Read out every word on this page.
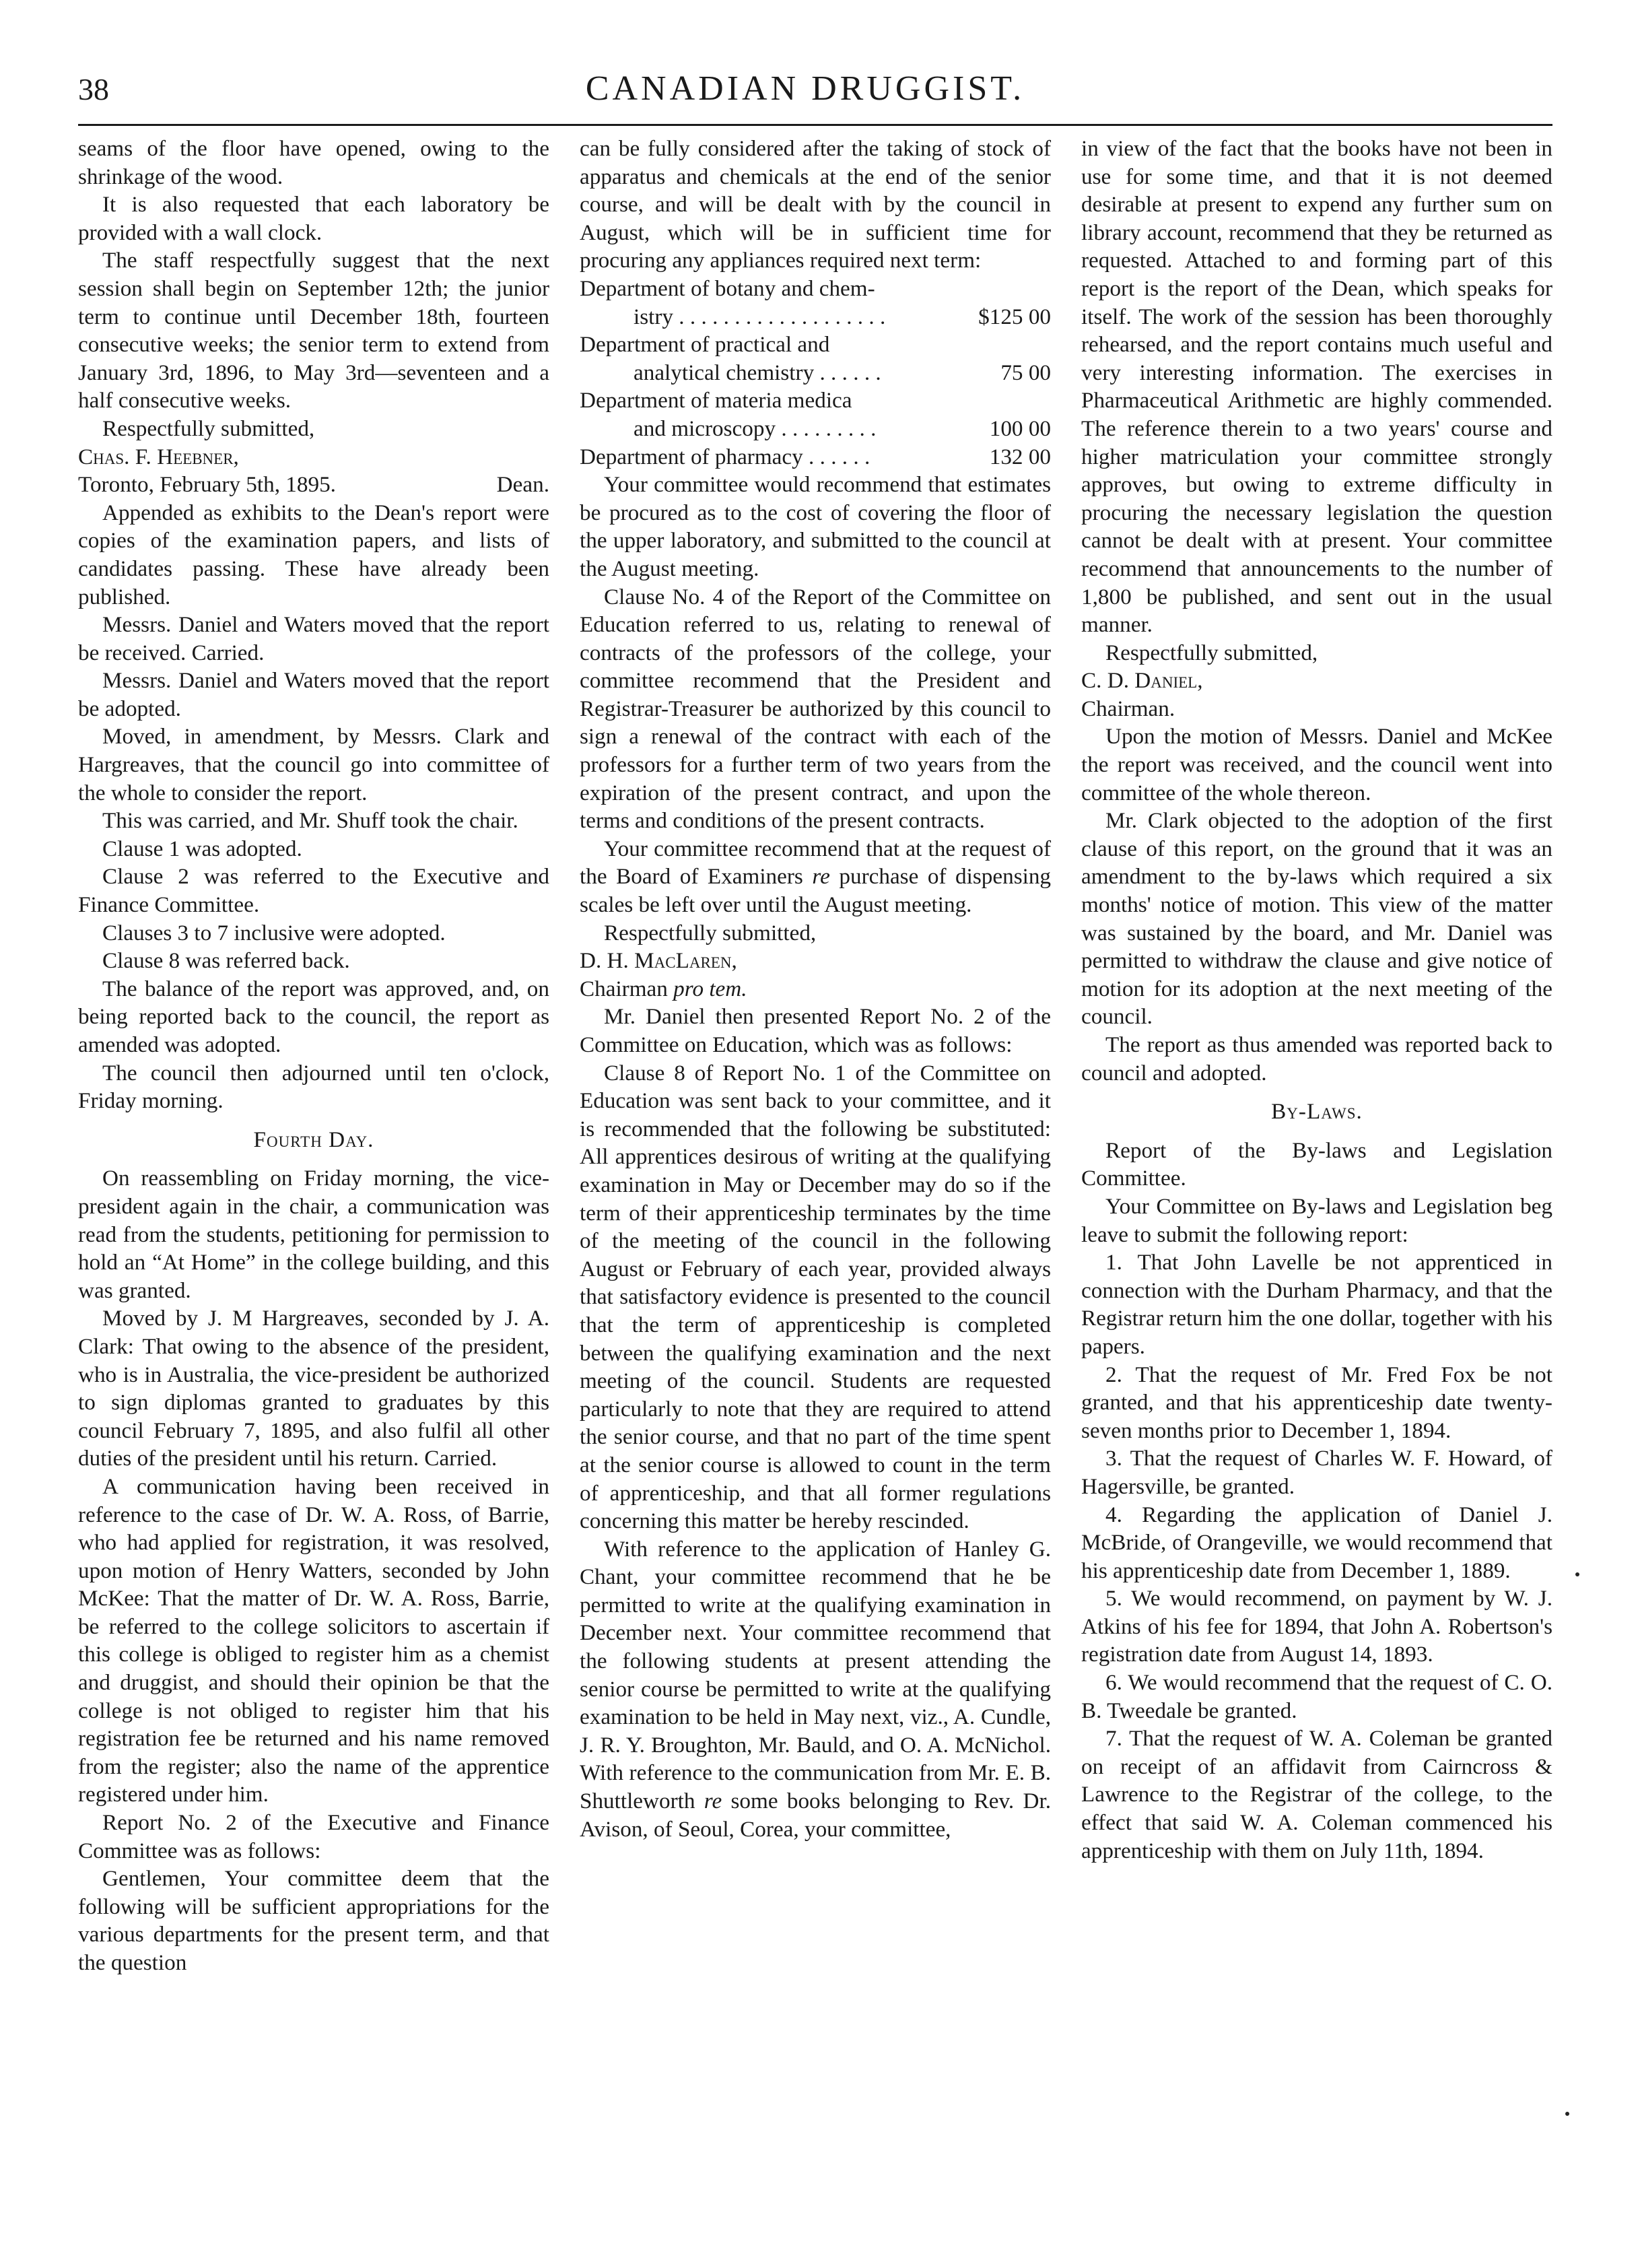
38	CANADIAN DRUGGIST.

seams of the floor have opened, owing to the shrinkage of the wood.

It is also requested that each laboratory be provided with a wall clock.

The staff respectfully suggest that the next session shall begin on September 12th; the junior term to continue until December 18th, fourteen consecutive weeks; the senior term to extend from January 3rd, 1896, to May 3rd—seventeen and a half consecutive weeks.

Respectfully submitted,

Chas. F. Heebner,

Toronto, February 5th, 1895.	Dean.

Appended as exhibits to the Dean's report were copies of the examination papers, and lists of candidates passing. These have already been published.

Messrs. Daniel and Waters moved that the report be received. Carried.

Messrs. Daniel and Waters moved that the report be adopted.

Moved, in amendment, by Messrs. Clark and Hargreaves, that the council go into committee of the whole to consider the report.

This was carried, and Mr. Shuff took the chair.

Clause 1 was adopted.

Clause 2 was referred to the Executive and Finance Committee.

Clauses 3 to 7 inclusive were adopted.

Clause 8 was referred back.

The balance of the report was approved, and, on being reported back to the council, the report as amended was adopted.

The council then adjourned until ten o'clock, Friday morning.

Fourth Day.

On reassembling on Friday morning, the vice-president again in the chair, a communication was read from the students, petitioning for permission to hold an “At Home” in the college building, and this was granted.

Moved by J. M Hargreaves, seconded by J. A. Clark: That owing to the absence of the president, who is in Australia, the vice-president be authorized to sign diplomas granted to graduates by this council February 7, 1895, and also fulfil all other duties of the president until his return. Carried.

A communication having been received in reference to the case of Dr. W. A. Ross, of Barrie, who had applied for registration, it was resolved, upon motion of Henry Watters, seconded by John McKee: That the matter of Dr. W. A. Ross, Barrie, be referred to the college solicitors to ascertain if this college is obliged to register him as a chemist and druggist, and should their opinion be that the college is not obliged to register him that his registration fee be returned and his name removed from the register; also the name of the apprentice registered under him.

Report No. 2 of the Executive and Finance Committee was as follows:

Gentlemen, Your committee deem that the following will be sufficient appropriations for the various departments for the present term, and that the question

can be fully considered after the taking of stock of apparatus and chemicals at the end of the senior course, and will be dealt with by the council in August, which will be in sufficient time for procuring any appliances required next term:

Department of botany and chem-	
istry . . . . . . . . . . . . . . . . . . .	$125 00
Department of practical and	
analytical chemistry . . . . . .	75 00
Department of materia medica	
and microscopy . . . . . . . . .	100 00
Department of pharmacy . . . . . .	132 00

Your committee would recommend that estimates be procured as to the cost of covering the floor of the upper laboratory, and submitted to the council at the August meeting.

Clause No. 4 of the Report of the Committee on Education referred to us, relating to renewal of contracts of the professors of the college, your committee recommend that the President and Registrar-Treasurer be authorized by this council to sign a renewal of the contract with each of the professors for a further term of two years from the expiration of the present contract, and upon the terms and conditions of the present contracts.

Your committee recommend that at the request of the Board of Examiners re purchase of dispensing scales be left over until the August meeting.

Respectfully submitted,

D. H. MacLaren,

Chairman pro tem.

Mr. Daniel then presented Report No. 2 of the Committee on Education, which was as follows:

Clause 8 of Report No. 1 of the Committee on Education was sent back to your committee, and it is recommended that the following be substituted: All apprentices desirous of writing at the qualifying examination in May or December may do so if the term of their apprenticeship terminates by the time of the meeting of the council in the following August or February of each year, provided always that satisfactory evidence is presented to the council that the term of apprenticeship is completed between the qualifying examination and the next meeting of the council. Students are requested particularly to note that they are required to attend the senior course, and that no part of the time spent at the senior course is allowed to count in the term of apprenticeship, and that all former regulations concerning this matter be hereby rescinded.

With reference to the application of Hanley G. Chant, your committee recommend that he be permitted to write at the qualifying examination in December next. Your committee recommend that the following students at present attending the senior course be permitted to write at the qualifying examination to be held in May next, viz., A. Cundle, J. R. Y. Broughton, Mr. Bauld, and O. A. McNichol. With reference to the communication from Mr. E. B. Shuttleworth re some books belonging to Rev. Dr. Avison, of Seoul, Corea, your committee,

in view of the fact that the books have not been in use for some time, and that it is not deemed desirable at present to expend any further sum on library account, recommend that they be returned as requested. Attached to and forming part of this report is the report of the Dean, which speaks for itself. The work of the session has been thoroughly rehearsed, and the report contains much useful and very interesting information. The exercises in Pharmaceutical Arithmetic are highly commended. The reference therein to a two years' course and higher matriculation your committee strongly approves, but owing to extreme difficulty in procuring the necessary legislation the question cannot be dealt with at present. Your committee recommend that announcements to the number of 1,800 be published, and sent out in the usual manner.

Respectfully submitted,

C. D. Daniel,

Chairman.

Upon the motion of Messrs. Daniel and McKee the report was received, and the council went into committee of the whole thereon.

Mr. Clark objected to the adoption of the first clause of this report, on the ground that it was an amendment to the by-laws which required a six months' notice of motion. This view of the matter was sustained by the board, and Mr. Daniel was permitted to withdraw the clause and give notice of motion for its adoption at the next meeting of the council.

The report as thus amended was reported back to council and adopted.

By-Laws.

Report of the By-laws and Legislation Committee.

Your Committee on By-laws and Legislation beg leave to submit the following report:

1. That John Lavelle be not apprenticed in connection with the Durham Pharmacy, and that the Registrar return him the one dollar, together with his papers.

2. That the request of Mr. Fred Fox be not granted, and that his apprenticeship date twenty-seven months prior to December 1, 1894.

3. That the request of Charles W. F. Howard, of Hagersville, be granted.

4. Regarding the application of Daniel J. McBride, of Orangeville, we would recommend that his apprenticeship date from December 1, 1889.

5. We would recommend, on payment by W. J. Atkins of his fee for 1894, that John A. Robertson's registration date from August 14, 1893.

6. We would recommend that the request of C. O. B. Tweedale be granted.

7. That the request of W. A. Coleman be granted on receipt of an affidavit from Cairncross & Lawrence to the Registrar of the college, to the effect that said W. A. Coleman commenced his apprenticeship with them on July 11th, 1894.
